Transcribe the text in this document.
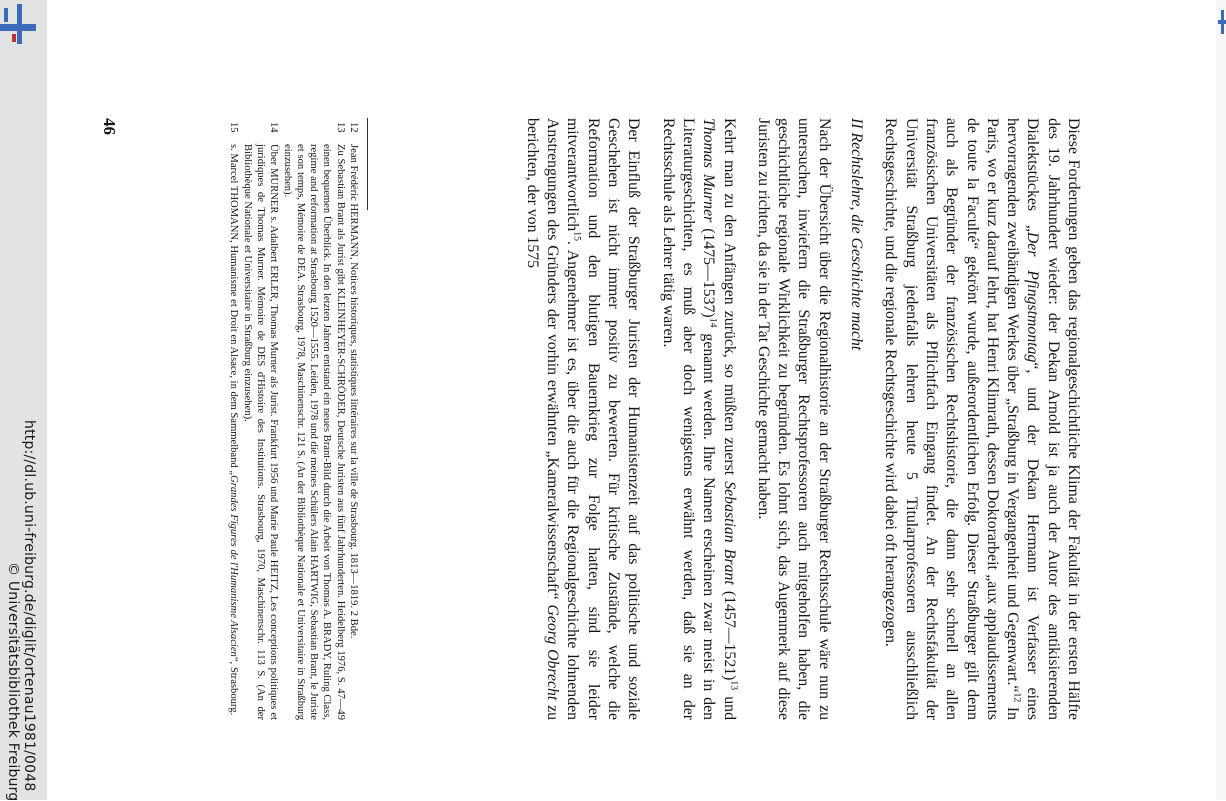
Diese Forderungen geben das regionalgeschichtliche Klima der Fakultät in der ersten Hälfte des 19. Jahrhundert wieder: der Dekan Arnold ist ja auch der Autor des antikisierenden Dialektstückes „Der Pfingstmontag“, und der Dekan Hermann ist Verfasser eines hervorragenden zweibändigen Werkes über „Straßburg in Vergangenheit und Gegenwart.“$^{12}$ In Paris, wo er kurz darauf lehrt, hat Henri Klimrath, dessen Doktorarbeit „aux applaudissements de toute la Faculté“ gekrönt wurde, außerordentlichen Erfolg. Dieser Straßburger gilt denn auch als Begründer der französischen Rechtshistorie, die dann sehr schnell an allen französischen Universitäten als Pflichtfach Eingang findet. An der Rechtsfakultät der Universität Straßburg jedenfalls lehren heute 5 Titularprofessoren ausschließlich Rechtsgeschichte, und die regionale Rechtsgeschichte wird dabei oft herangezogen.

II Rechtslehre, die Geschichte macht

Nach der Übersicht über die Regionalhistorie an der Straßburger Rechtsschule wäre nun zu untersuchen, inwiefern die Straßburger Rechtsprofessoren auch mitgeholfen haben, die geschichtliche regionale Wirklichkeit zu begründen. Es lohnt sich, das Augenmerk auf diese Juristen zu richten, da sie in der Tat Geschichte gemacht haben.

Kehrt man zu den Anfängen zurück, so müßten zuerst Sebastian Brant (1457—1521)$^{13}$ und Thomas Murner (1475—1537)$^{14}$ genannt werden. Ihre Namen erscheinen zwar meist in den Literaturgeschichten, es muß aber doch wenigstens erwähnt werden, daß sie an der Rechtsschule als Lehrer tätig waren.

Der Einfluß der Straßburger Juristen der Humanistenzeit auf das politische und soziale Geschehen ist nicht immer positiv zu bewerten. Für kritische Zustände, welche die Reformation und den blutigen Bauernkrieg zur Folge hatten, sind sie leider mitverantwortlich$^{15}$. Angenehmer ist es, über die auch für die Regionalgeschichte lohnenden Anstrengungen des Gründers der vorhin erwähnten „Kameralwissenschaft“ Georg Obrecht zu berichten, der von 1575

12
Jean Frédéric HERMANN, Notices historiques, statistiques littéraires sur la ville de Strasbourg. 1813—1819. 2 Bde.

13
Zu Sebastian Brant als Jurist gibt KLEINHEYER-SCHRÖDER, Deutsche Juristen aus fünf Jahrhunderten. Heidelberg 1976, S. 47—49 einen bequemen Überblick. In den letzten Jahren entstand ein neues Brant-Bild durch die Arbeit von Thomas A. BRADY, Ruling Class, regime and reformation at Strasbourg 1520—1555. Leiden, 1978 und die meines Schülers Alain HARTWIG, Sebastian Brant, le Juriste et son temps, Mémoire de DEA. Strasbourg, 1978, Maschinenschr. 121 S. (An der Bibliothèque Nationale et Universitaire in Straßburg einzusehen).

14
Über MURNER s. Adalbert ERLER, Thomas Murner als Jurist. Frankfurt 1956 und Marie Paule HEITZ, Les conceptions politiques et juridiques de Thomas Murner. Mémoire de DES d'Histoire des Institutions. Strasbourg, 1970, Maschinenschr. 113 S. (An der Bibliothèque Nationale et Universitaire in Straßburg einzusehen).

15
s. Marcel THOMANN, Humanisme et Droit en Alsace, in dem Sammelband „Grandes Figures de l'Humanisme Alsacien“, Strasbourg.

46
http://dl.ub.uni-freiburg.de/diglit/ortenau1981/0048
© Universitätsbibliothek Freiburg
